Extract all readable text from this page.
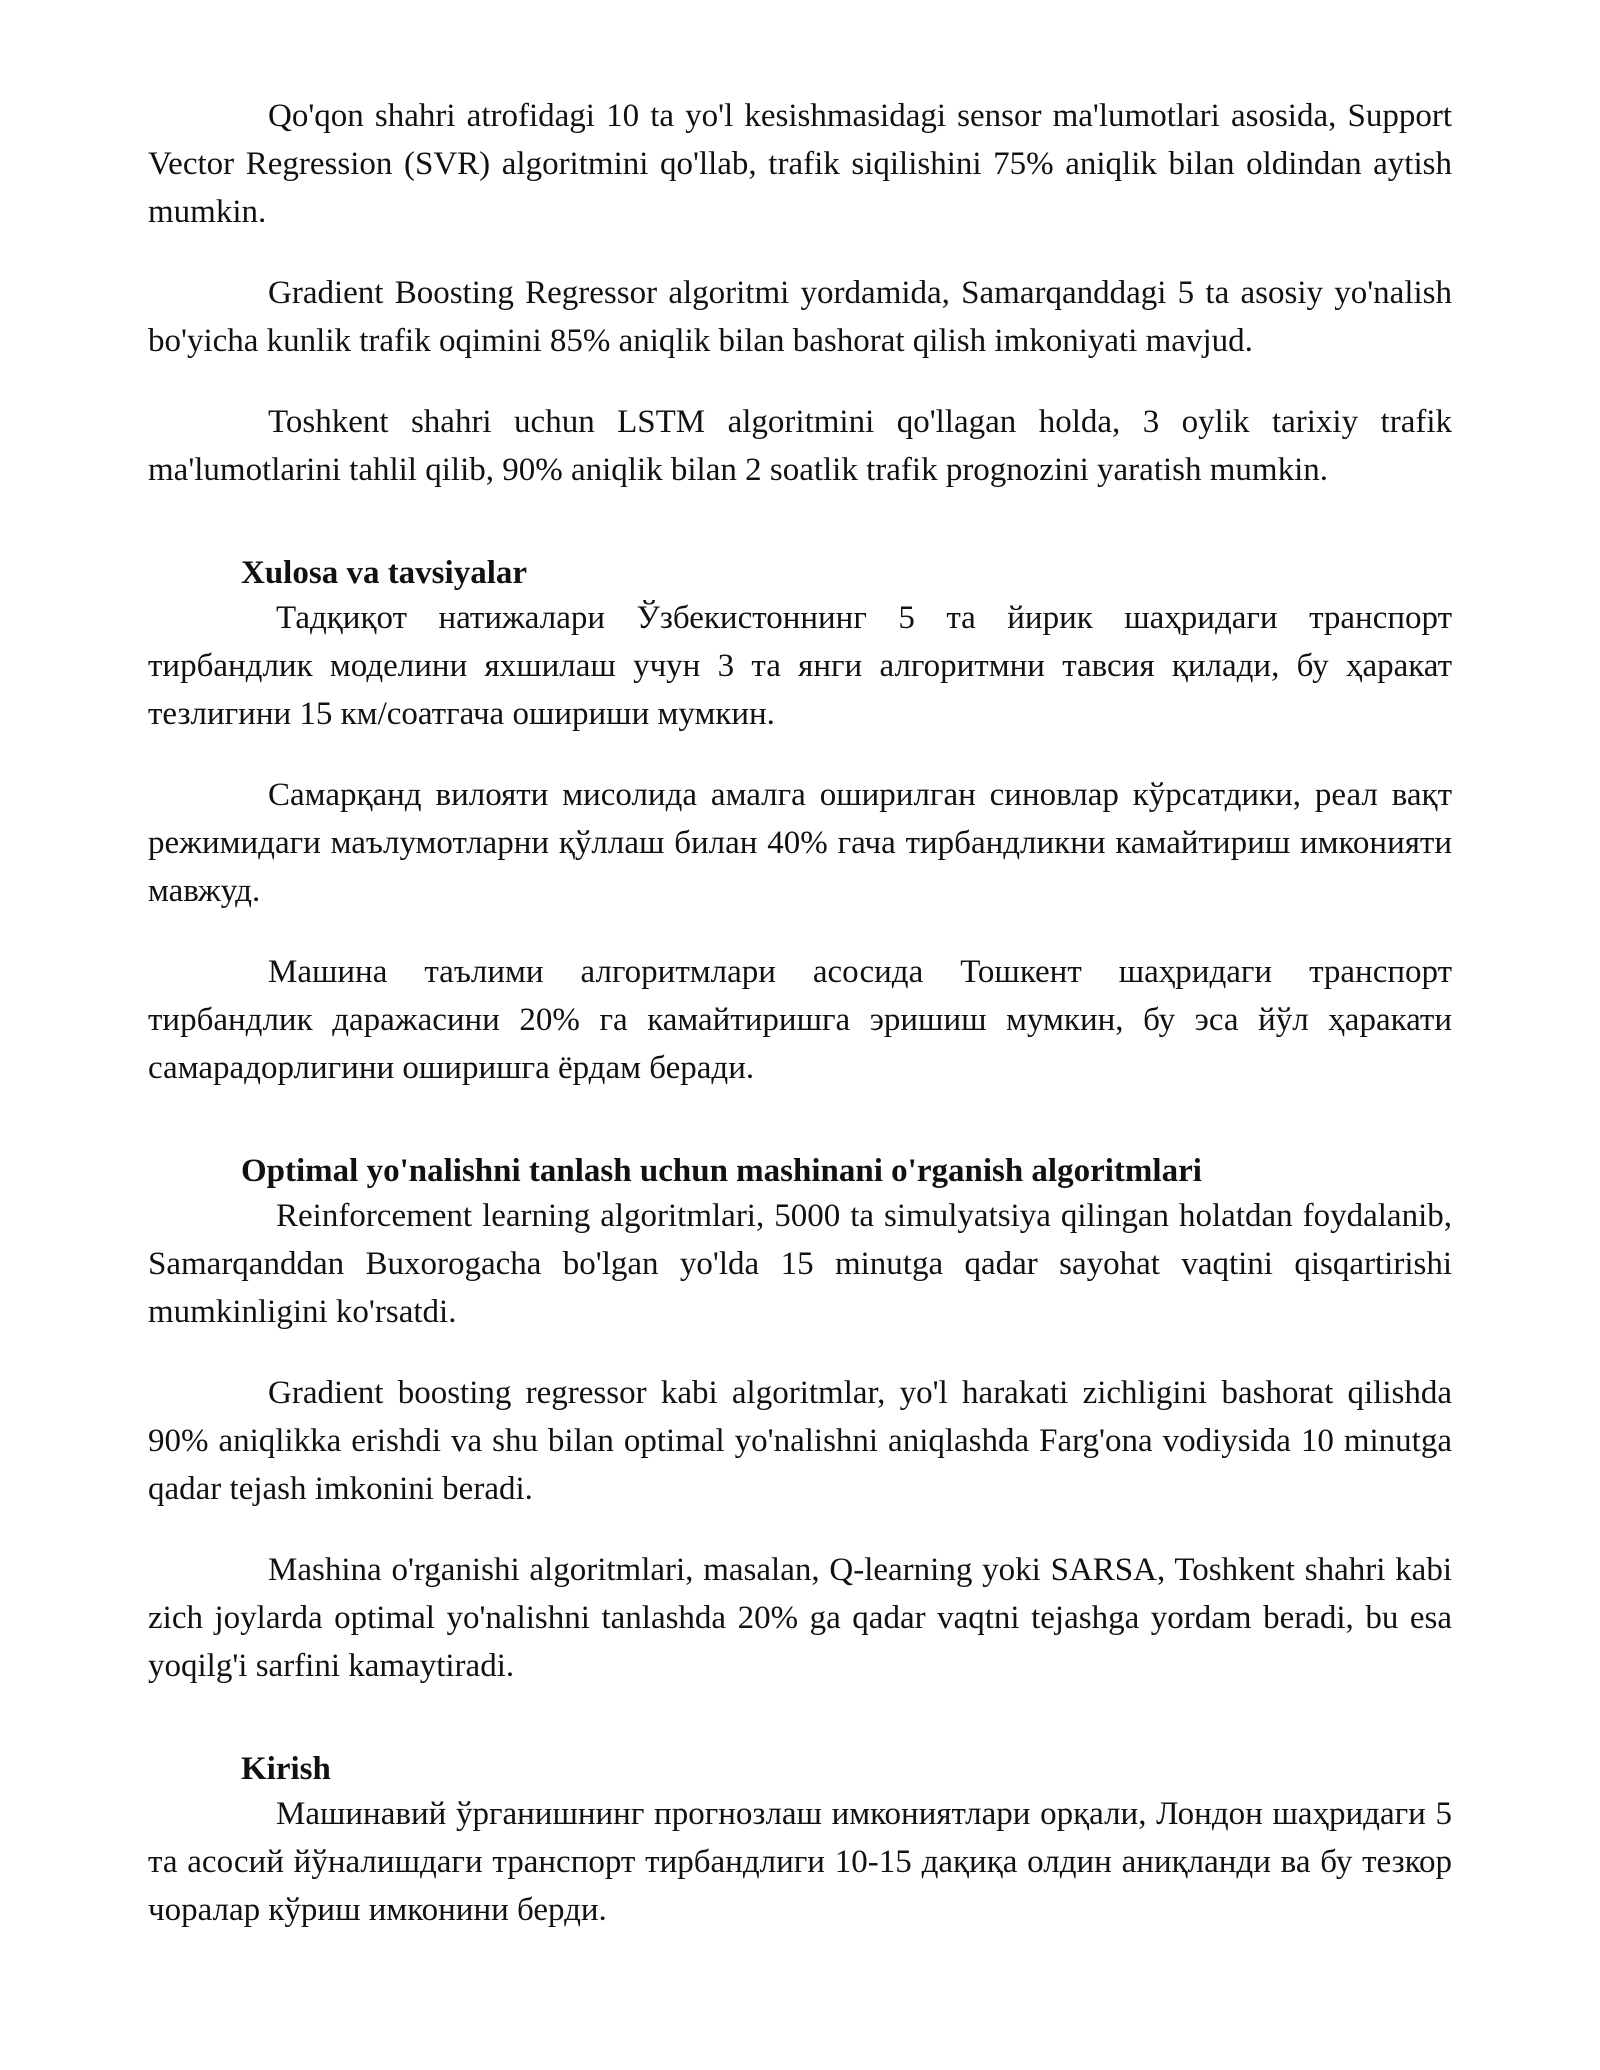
Qo'qon shahri atrofidagi 10 ta yo'l kesishmasidagi sensor ma'lumotlari asosida, Support Vector Regression (SVR) algoritmini qo'llab, trafik siqilishini 75% aniqlik bilan oldindan aytish mumkin.

Gradient Boosting Regressor algoritmi yordamida, Samarqanddagi 5 ta asosiy yo'nalish bo'yicha kunlik trafik oqimini 85% aniqlik bilan bashorat qilish imkoniyati mavjud.

Toshkent shahri uchun LSTM algoritmini qo'llagan holda, 3 oylik tarixiy trafik ma'lumotlarini tahlil qilib, 90% aniqlik bilan 2 soatlik trafik prognozini yaratish mumkin.

Xulosa va tavsiyalar

Тадқиқот натижалари Ўзбекистоннинг 5 та йирик шаҳридаги транспорт тирбандлик моделини яхшилаш учун 3 та янги алгоритмни тавсия қилади, бу ҳаракат тезлигини 15 км/соатгача ошириши мумкин.

Самарқанд вилояти мисолида амалга оширилган синовлар кўрсатдики, реал вақт режимидаги маълумотларни қўллаш билан 40% гача тирбандликни камайтириш имконияти мавжуд.

Машина таълими алгоритмлари асосида Тошкент шаҳридаги транспорт тирбандлик даражасини 20% га камайтиришга эришиш мумкин, бу эса йўл ҳаракати самарадорлигини оширишга ёрдам беради.

Optimal yo'nalishni tanlash uchun mashinani o'rganish algoritmlari

Reinforcement learning algoritmlari, 5000 ta simulyatsiya qilingan holatdan foydalanib, Samarqanddan Buxorogacha bo'lgan yo'lda 15 minutga qadar sayohat vaqtini qisqartirishi mumkinligini ko'rsatdi.

Gradient boosting regressor kabi algoritmlar, yo'l harakati zichligini bashorat qilishda 90% aniqlikka erishdi va shu bilan optimal yo'nalishni aniqlashda Farg'ona vodiysida 10 minutga qadar tejash imkonini beradi.

Mashina o'rganishi algoritmlari, masalan, Q-learning yoki SARSA, Toshkent shahri kabi zich joylarda optimal yo'nalishni tanlashda 20% ga qadar vaqtni tejashga yordam beradi, bu esa yoqilg'i sarfini kamaytiradi.

Kirish

Машинавий ўрганишнинг прогнозлаш имкониятлари орқали, Лондон шаҳридаги 5 та асосий йўналишдаги транспорт тирбандлиги 10-15 дақиқа олдин аниқланди ва бу тезкор чоралар кўриш имконини берди.
